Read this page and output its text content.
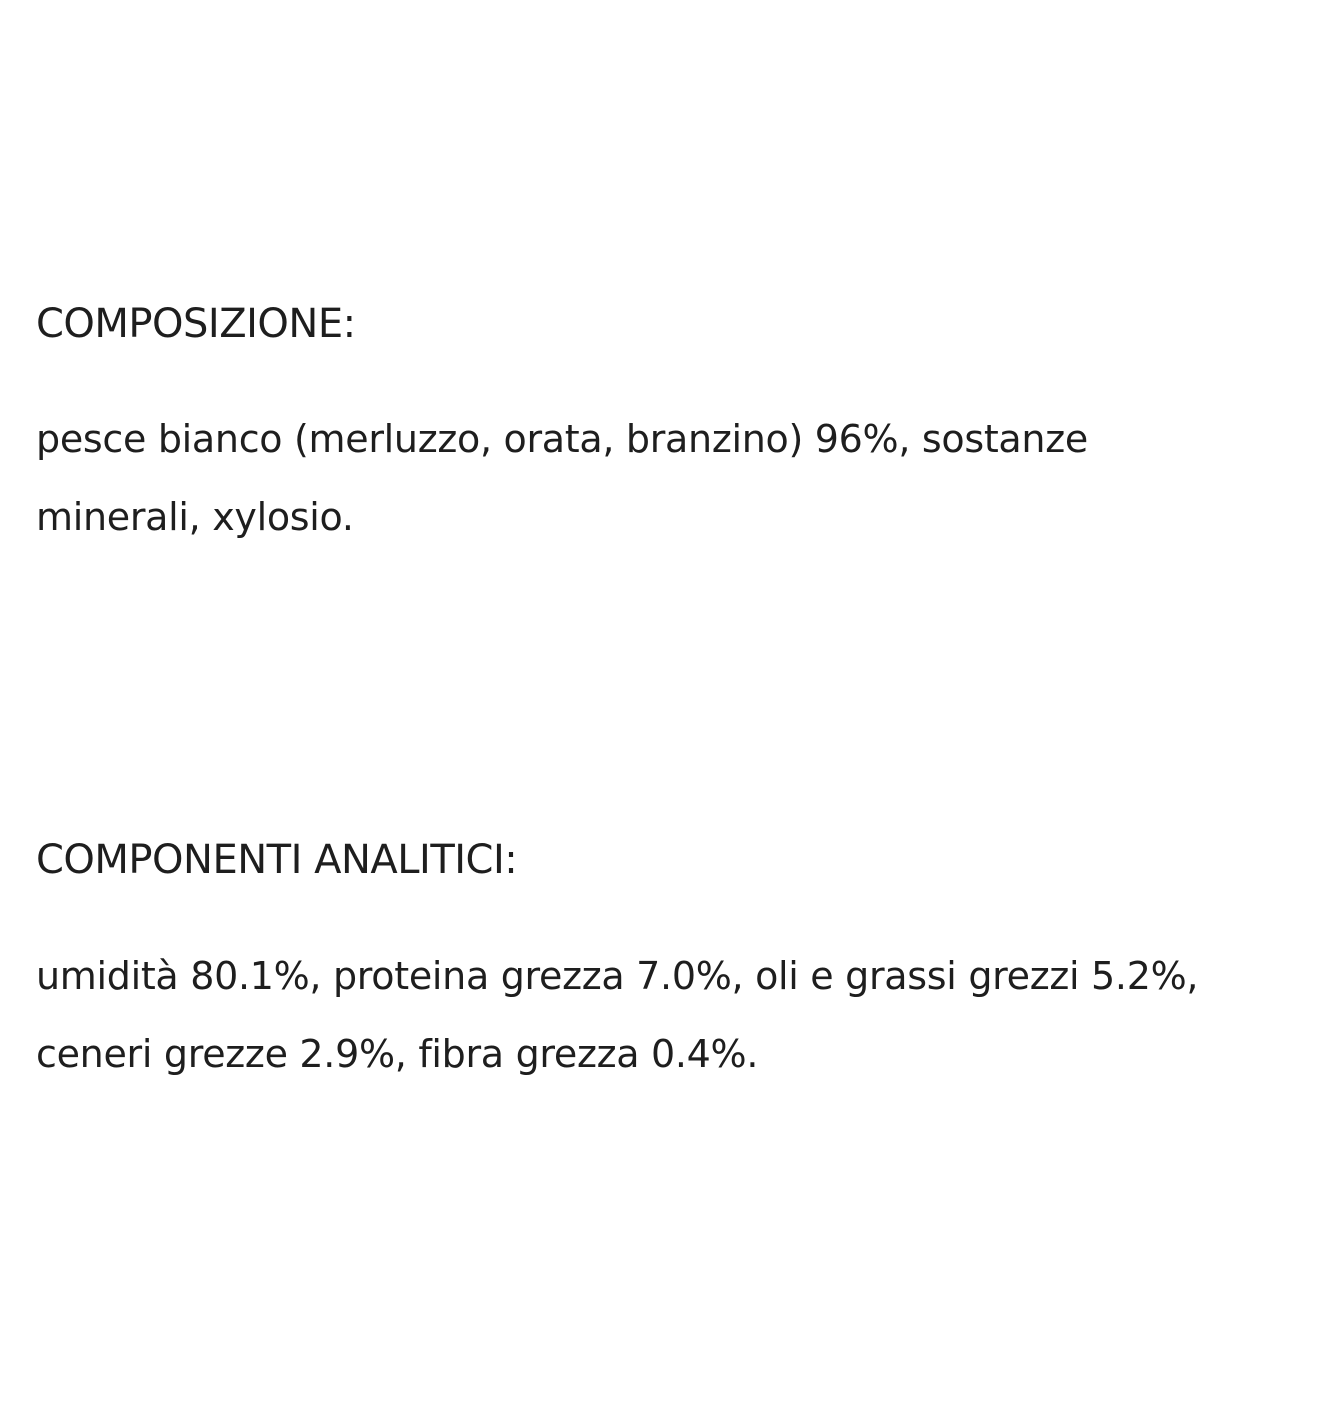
COMPOSIZIONE:

pesce bianco (merluzzo, orata, branzino) 96%, sostanze
minerali, xylosio.

COMPONENTI ANALITICI:

umidità 80.1%, proteina grezza 7.0%, oli e grassi grezzi 5.2%,
ceneri grezze 2.9%, fibra grezza 0.4%.
